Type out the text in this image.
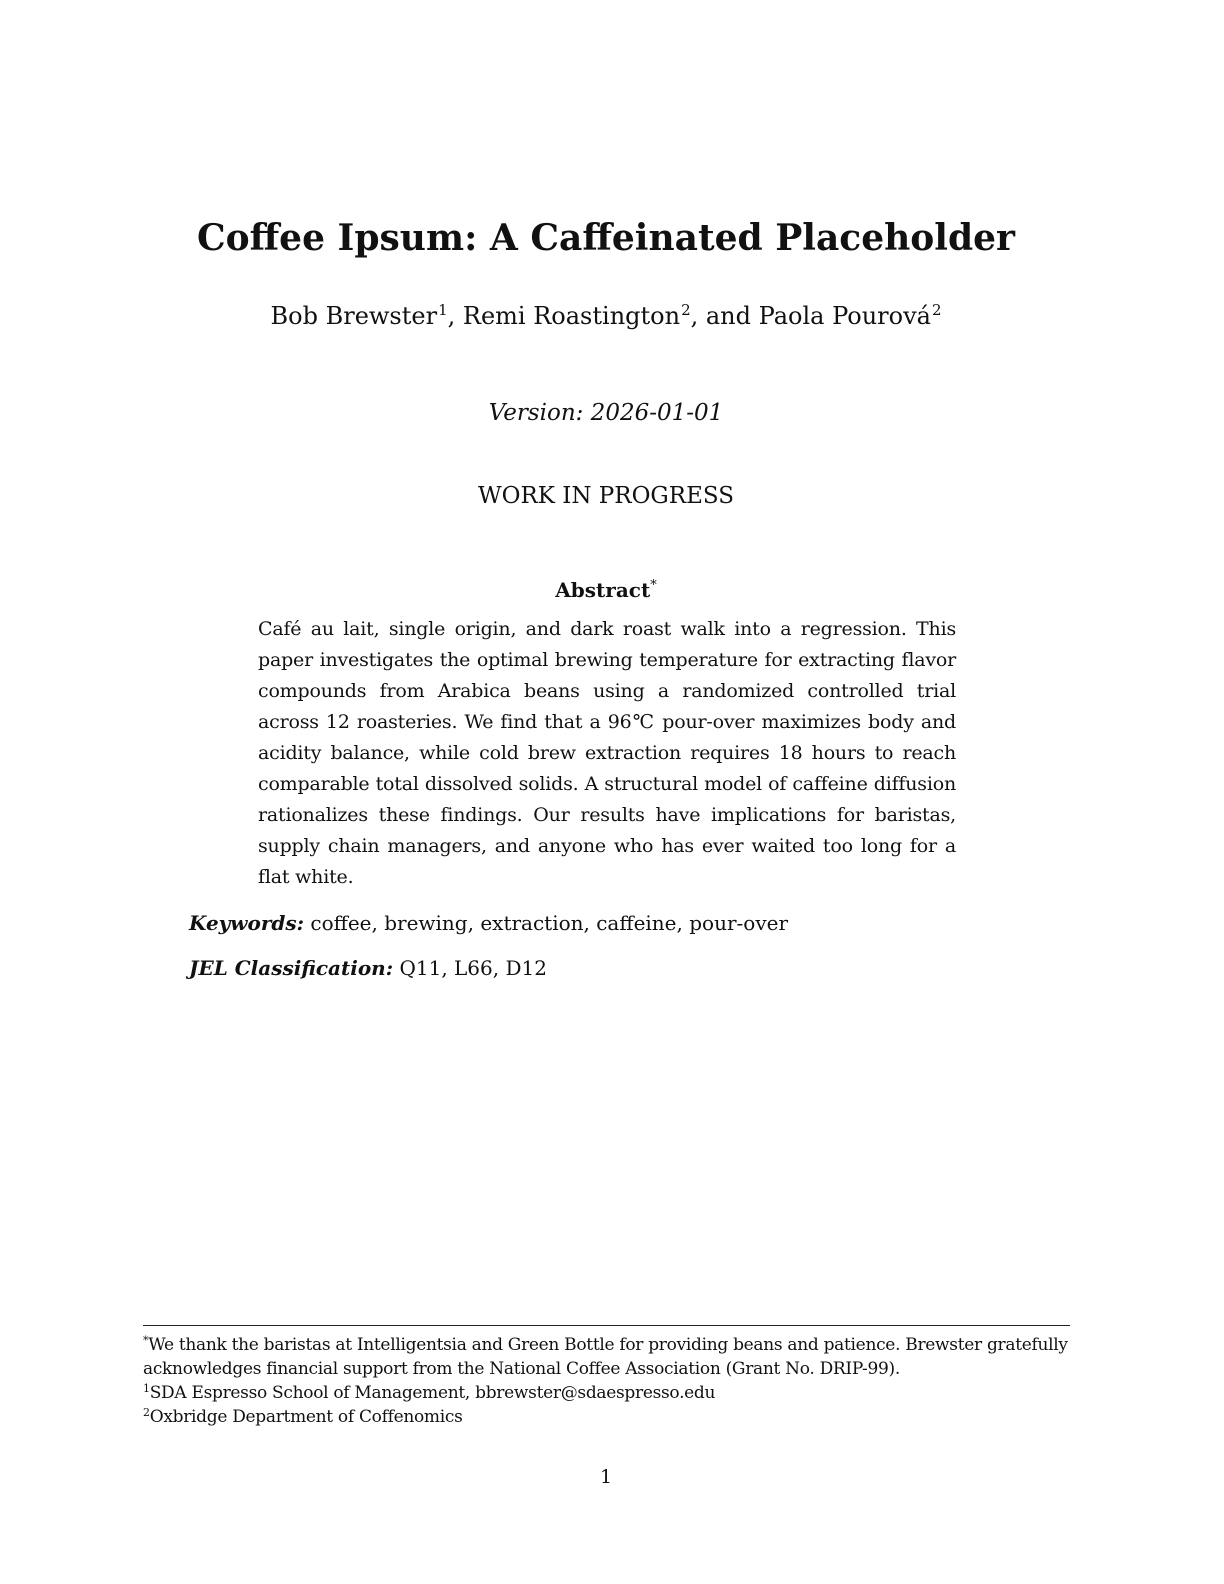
Coffee Ipsum: A Caffeinated Placeholder
Bob Brewster$^1$, Remi Roastington$^2$, and Paola Pourová$^2$
Version: 2026-01-01
WORK IN PROGRESS
Abstract*

Café au lait, single origin, and dark roast walk into a regression. This paper investigates the optimal brewing temperature for extracting flavor compounds from Arabica beans using a randomized controlled trial across 12 roasteries. We find that a 96℃ pour-over maximizes body and acidity balance, while cold brew extraction requires 18 hours to reach comparable total dissolved solids. A structural model of caffeine diffusion rationalizes these findings. Our results have implications for baristas, supply chain managers, and anyone who has ever waited too long for a flat white.

Keywords: coffee, brewing, extraction, caffeine, pour-over
JEL Classification: Q11, L66, D12

*We thank the baristas at Intelligentsia and Green Bottle for providing beans and patience. Brewster gratefully acknowledges financial support from the National Coffee Association (Grant No. DRIP-99).

$^1$SDA Espresso School of Management, bbrewster@sdaespresso.edu

$^2$Oxbridge Department of Coffenomics

1
